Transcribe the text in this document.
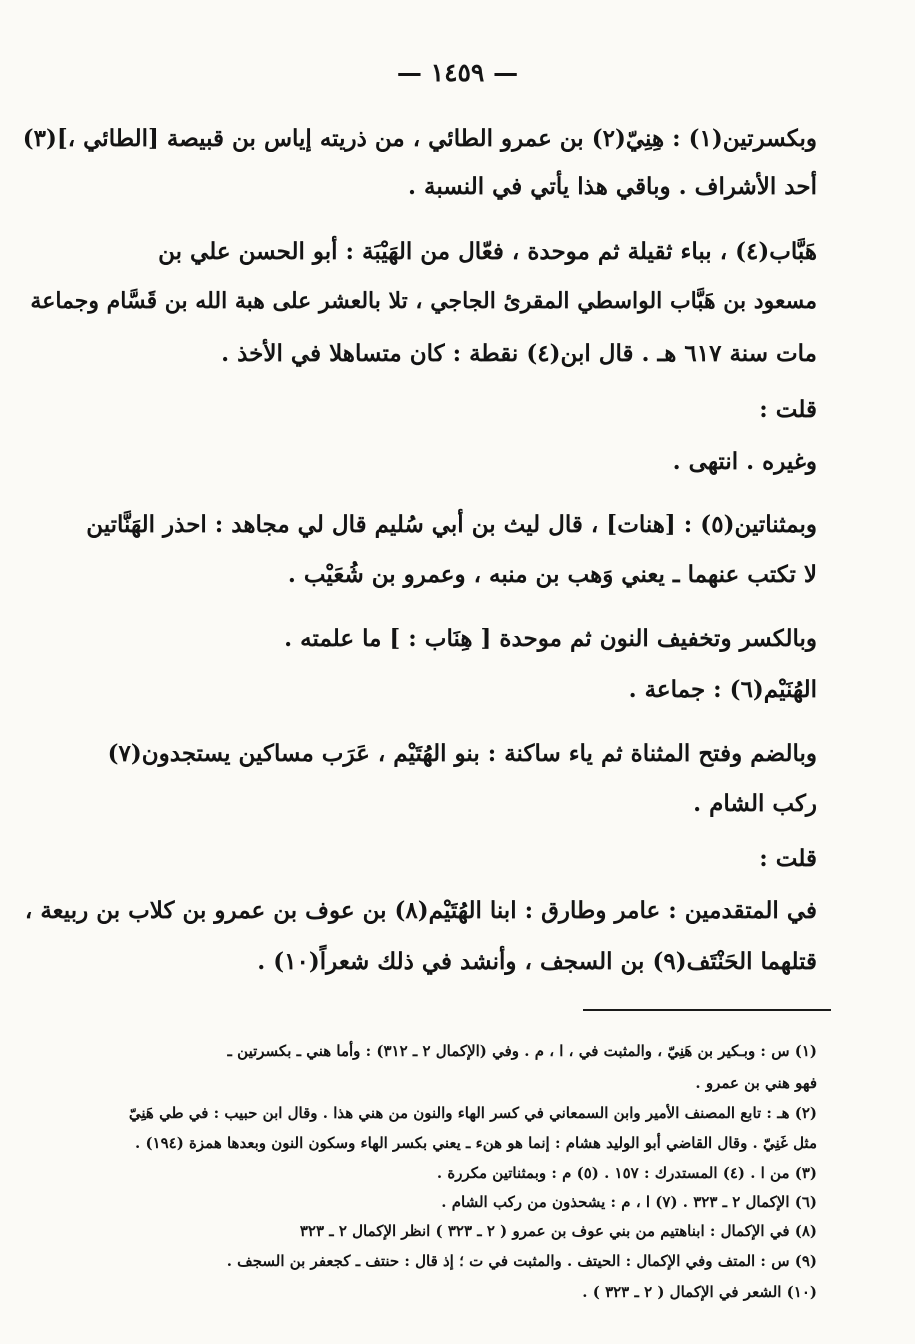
— ١٤٥٩ —
وبكسرتين(١) : هِنِيّ(٢) بن عمرو الطائي ، من ذريته إياس بن قبيصة [الطائي ،](٣)
أحد الأشراف . وباقي هذا يأتي في النسبة .
هَبَّاب(٤) ، بباء ثقيلة ثم موحدة ، فعّال من الهَيْبَة : أبو الحسن علي بن
مسعود بن هَبَّاب الواسطي المقرئ الجاجي ، تلا بالعشر على هبة الله بن قَسَّام وجماعة
مات سنة ٦١٧ هـ . قال ابن(٤) نقطة : كان متساهلا في الأخذ .
قلت :
وغيره . انتهى .
وبمثناتين(٥) : [هنات] ، قال ليث بن أبي سُليم قال لي مجاهد : احذر الهَنَّاتين
لا تكتب عنهما ـ يعني وَهب بن منبه ، وعمرو بن شُعَيْب .
وبالكسر وتخفيف النون ثم موحدة [ هِنَاب : ] ما علمته .
الهُنَيْم(٦) : جماعة .
وبالضم وفتح المثناة ثم ياء ساكنة : بنو الهُتَيْم ، عَرَب مساكين يستجدون(٧)
ركب الشام .
قلت :
في المتقدمين : عامر وطارق : ابنا الهُتَيْم(٨) بن عوف بن عمرو بن كلاب بن ربيعة ،
قتلهما الحَنْتَف(٩) بن السجف ، وأنشد في ذلك شعراً(١٠) .
(١) س : وبـكير بن هَنِيّ ، والمثبت في ، ا ، م . وفي (الإكمال ٢ ـ ٣١٢) : وأما هني ـ بكسرتين ـ
فهو هني بن عمرو .
(٢) هـ : تابع المصنف الأمير وابن السمعاني في كسر الهاء والنون من هني هذا . وقال ابن حبيب : في طي هَنِيّ
مثل غَنِيّ . وقال القاضي أبو الوليد هشام : إنما هو هنء ـ يعني بكسر الهاء وسكون النون وبعدها همزة (١٩٤) .
(٣) من ا . (٤) المستدرك : ١٥٧ . (٥) م : وبمثناتين مكررة .
(٦) الإكمال ٢ ـ ٣٢٣ . (٧) ا ، م : يشحذون من ركب الشام .
(٨) في الإكمال : ابناهتيم من بني عوف بن عمرو ( ٢ ـ ٣٢٣ ) انظر الإكمال ٢ ـ ٣٢٣
(٩) س : المتف وفي الإكمال : الحيتف . والمثبت في ت ؛ إذ قال : حنتف ـ كجعفر بن السجف .
(١٠) الشعر في الإكمال ( ٢ ـ ٣٢٣ ) .
